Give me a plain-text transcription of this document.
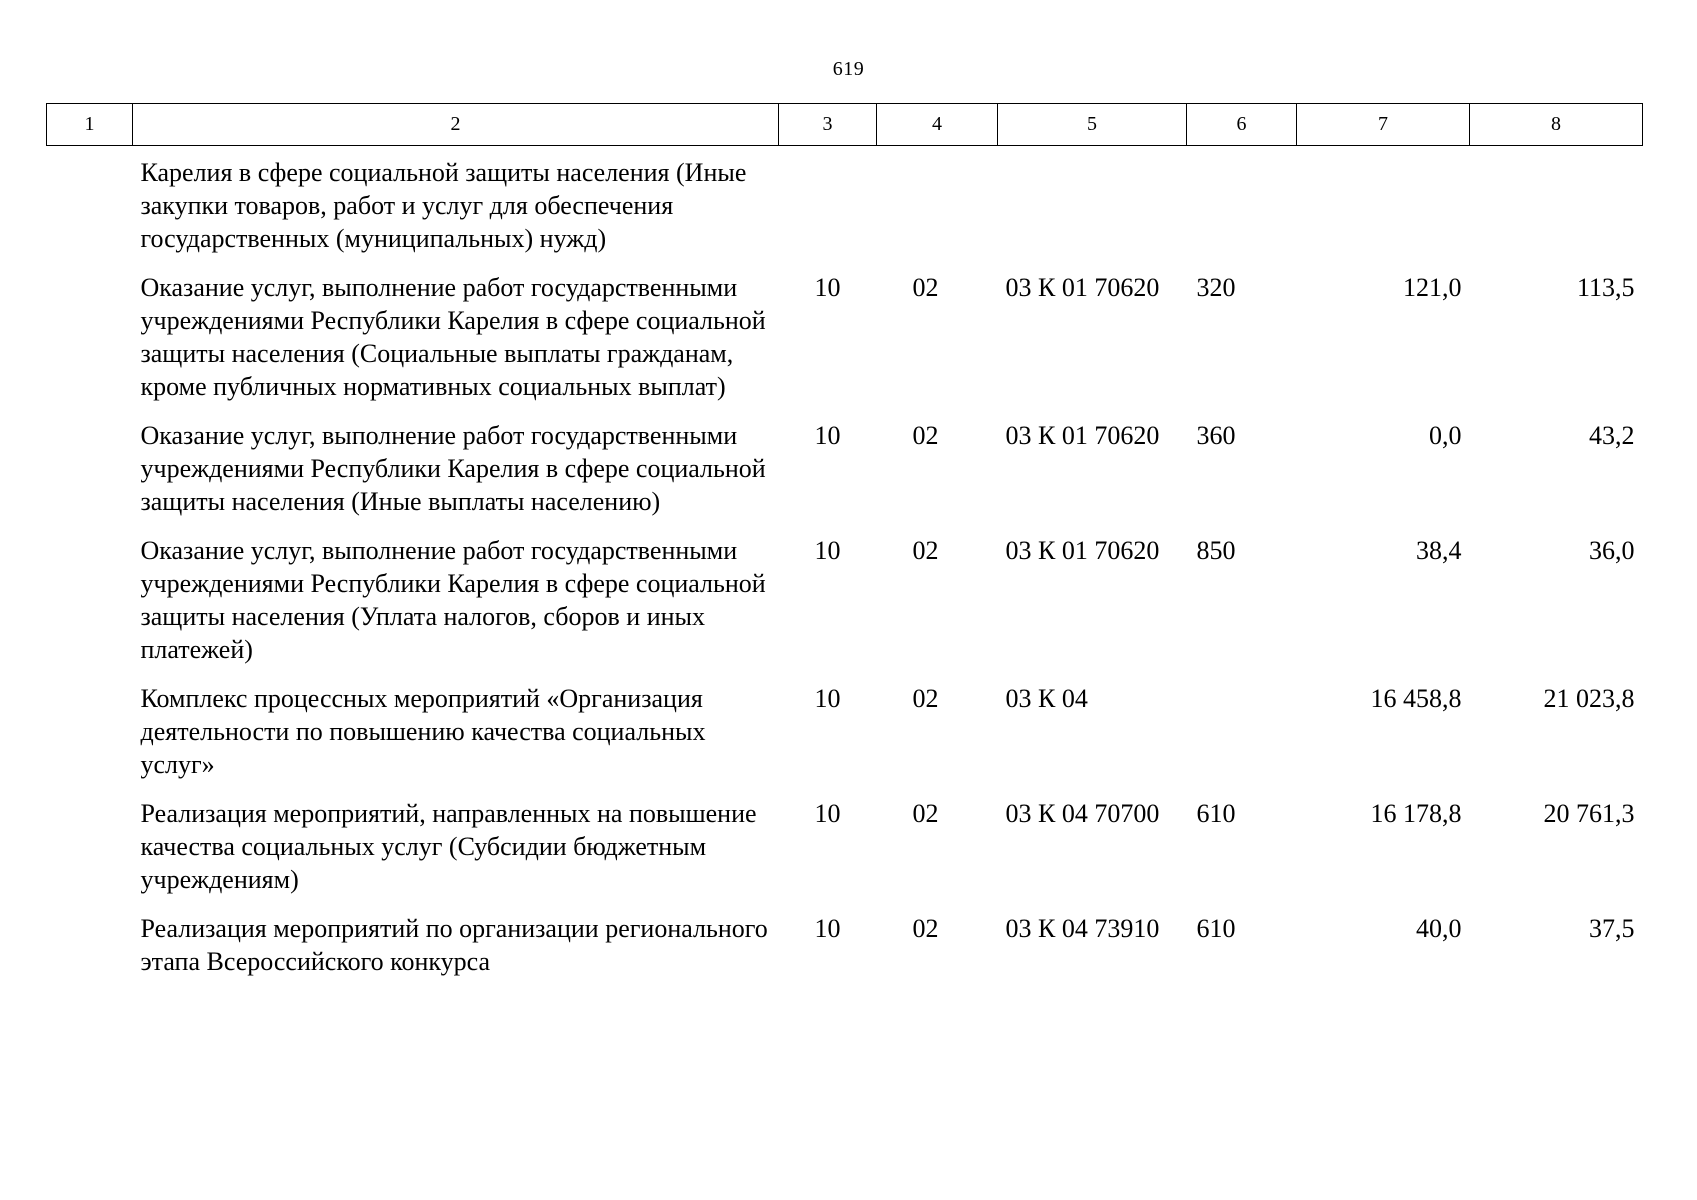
619
1	2	3	4	5	6	7	8
	Карелия в сфере социальной защиты населения (Иные закупки товаров, работ и услуг для обеспечения государственных (муниципальных) нужд)						
	Оказание услуг, выполнение работ государственными учреждениями Республики Карелия в сфере социальной защиты населения (Социальные выплаты гражданам, кроме публичных нормативных социальных выплат)	10	02	03 К 01 70620	320	121,0	113,5
	Оказание услуг, выполнение работ государственными учреждениями Республики Карелия в сфере социальной защиты населения (Иные выплаты населению)	10	02	03 К 01 70620	360	0,0	43,2
	Оказание услуг, выполнение работ государственными учреждениями Республики Карелия в сфере социальной защиты населения (Уплата налогов, сборов и иных платежей)	10	02	03 К 01 70620	850	38,4	36,0
	Комплекс процессных мероприятий «Организация деятельности по повышению качества социальных услуг»	10	02	03 К 04		16 458,8	21 023,8
	Реализация мероприятий, направленных на повышение качества социальных услуг (Субсидии бюджетным учреждениям)	10	02	03 К 04 70700	610	16 178,8	20 761,3
	Реализация мероприятий по организации регионального этапа Всероссийского конкурса	10	02	03 К 04 73910	610	40,0	37,5
